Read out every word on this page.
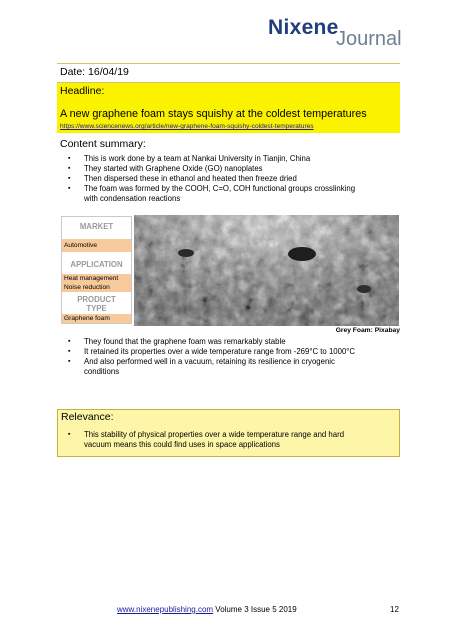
Nixene
Journal
Date: 16/04/19
Headline:
A new graphene foam stays squishy at the coldest temperatures
https://www.sciencenews.org/article/new-graphene-foam-squishy-coldest-temperatures
Content summary:
▪ This is work done by a team at Nankai University in Tianjin, China
▪ They started with Graphene Oxide (GO) nanoplates
▪ Then dispersed these in ethanol and heated then freeze dried
▪ The foam was formed by the COOH, C=O, COH functional groups crosslinking
with condensation reactions
MARKET
Automotive
APPLICATION
Heat management
Noise reduction
PRODUCT
TYPE
Graphene foam
Grey Foam: Pixabay
▪ They found that the graphene foam was remarkably stable
▪ It retained its properties over a wide temperature range from -269°C to 1000°C
▪ And also performed well in a vacuum, retaining its resilience in cryogenic
conditions
Relevance:
▪ This stability of physical properties over a wide temperature range and hard
vacuum means this could find uses in space applications
www.nixenepublishing.com Volume 3 Issue 5 2019	12
